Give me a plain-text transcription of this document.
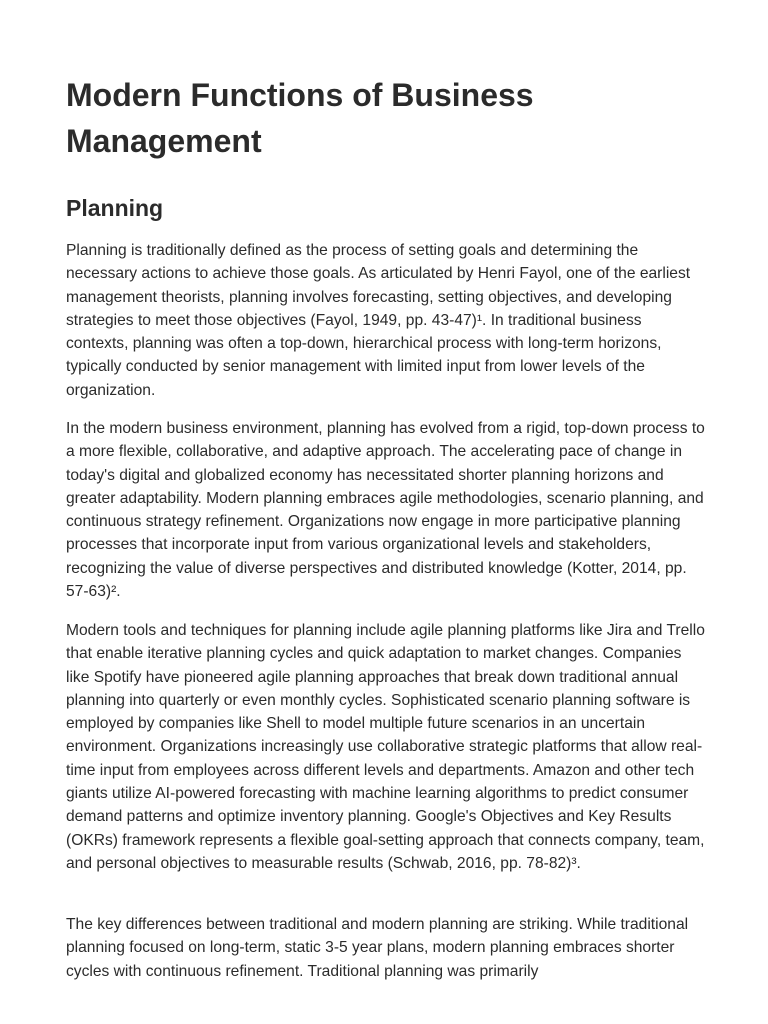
Modern Functions of Business Management
Planning

Planning is traditionally defined as the process of setting goals and determining the necessary actions to achieve those goals. As articulated by Henri Fayol, one of the earliest management theorists, planning involves forecasting, setting objectives, and developing strategies to meet those objectives (Fayol, 1949, pp. 43-47)¹. In traditional business contexts, planning was often a top-down, hierarchical process with long-term horizons, typically conducted by senior management with limited input from lower levels of the organization.

In the modern business environment, planning has evolved from a rigid, top-down process to a more flexible, collaborative, and adaptive approach. The accelerating pace of change in today's digital and globalized economy has necessitated shorter planning horizons and greater adaptability. Modern planning embraces agile methodologies, scenario planning, and continuous strategy refinement. Organizations now engage in more participative planning processes that incorporate input from various organizational levels and stakeholders, recognizing the value of diverse perspectives and distributed knowledge (Kotter, 2014, pp. 57-63)².

Modern tools and techniques for planning include agile planning platforms like Jira and Trello that enable iterative planning cycles and quick adaptation to market changes. Companies like Spotify have pioneered agile planning approaches that break down traditional annual planning into quarterly or even monthly cycles. Sophisticated scenario planning software is employed by companies like Shell to model multiple future scenarios in an uncertain environment. Organizations increasingly use collaborative strategic platforms that allow real-time input from employees across different levels and departments. Amazon and other tech giants utilize AI-powered forecasting with machine learning algorithms to predict consumer demand patterns and optimize inventory planning. Google's Objectives and Key Results (OKRs) framework represents a flexible goal-setting approach that connects company, team, and personal objectives to measurable results (Schwab, 2016, pp. 78-82)³.

The key differences between traditional and modern planning are striking. While traditional planning focused on long-term, static 3-5 year plans, modern planning embraces shorter cycles with continuous refinement. Traditional planning was primarily
